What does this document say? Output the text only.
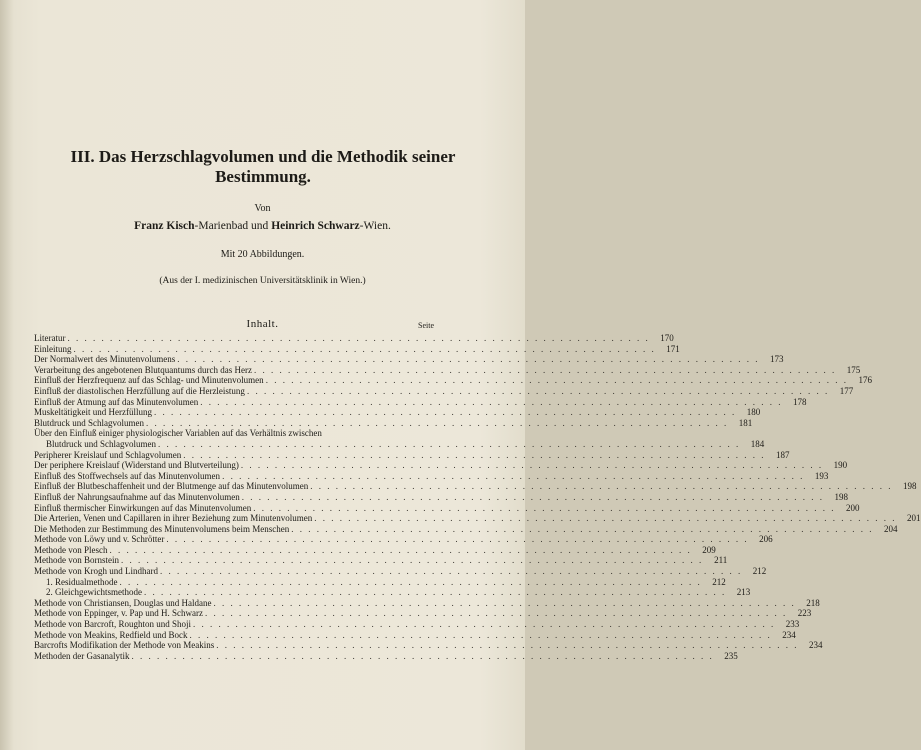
III. Das Herzschlagvolumen und die Methodik seiner Bestimmung.
Von
Franz Kisch-Marienbad und Heinrich Schwarz-Wien.
Mit 20 Abbildungen.
(Aus der I. medizinischen Universitätsklinik in Wien.)
Inhalt.	Seite
Literatur . . . . . . . . . . . . . . . . . . . . . . . . . . . . . . . . . . . . . . . . . . . . . . . . . . . . . . . . . . . . . . . . . . . . .	170
Einleitung . . . . . . . . . . . . . . . . . . . . . . . . . . . . . . . . . . . . . . . . . . . . . . . . . . . . . . . . . . . . . . . . . . . . .	171
Der Normalwert des Minutenvolumens . . . . . . . . . . . . . . . . . . . . . . . . . . . . . . . . . . . . . . . . . . . . . . . . . . . . . . . . . . . . . . . . . . . . .	173
Verarbeitung des angebotenen Blutquantums durch das Herz . . . . . . . . . . . . . . . . . . . . . . . . . . . . . . . . . . . . . . . . . . . . . . . . . . . . . . . . . . . . . . . . . . . . .	175
Einfluß der Herzfrequenz auf das Schlag- und Minutenvolumen . . . . . . . . . . . . . . . . . . . . . . . . . . . . . . . . . . . . . . . . . . . . . . . . . . . . . . . . . . . . . . . . . . . . .	176
Einfluß der diastolischen Herzfüllung auf die Herzleistung . . . . . . . . . . . . . . . . . . . . . . . . . . . . . . . . . . . . . . . . . . . . . . . . . . . . . . . . . . . . . . . . . . . . .	177
Einfluß der Atmung auf das Minutenvolumen . . . . . . . . . . . . . . . . . . . . . . . . . . . . . . . . . . . . . . . . . . . . . . . . . . . . . . . . . . . . . . . . . . . . .	178
Muskeltätigkeit und Herzfüllung . . . . . . . . . . . . . . . . . . . . . . . . . . . . . . . . . . . . . . . . . . . . . . . . . . . . . . . . . . . . . . . . . . . . .	180
Blutdruck und Schlagvolumen . . . . . . . . . . . . . . . . . . . . . . . . . . . . . . . . . . . . . . . . . . . . . . . . . . . . . . . . . . . . . . . . . . . . .	181
Über den Einfluß einiger physiologischer Variablen auf das Verhältnis zwischen
Blutdruck und Schlagvolumen . . . . . . . . . . . . . . . . . . . . . . . . . . . . . . . . . . . . . . . . . . . . . . . . . . . . . . . . . . . . . . . . . . . . .	184
Peripherer Kreislauf und Schlagvolumen . . . . . . . . . . . . . . . . . . . . . . . . . . . . . . . . . . . . . . . . . . . . . . . . . . . . . . . . . . . . . . . . . . . . .	187
Der periphere Kreislauf (Widerstand und Blutverteilung) . . . . . . . . . . . . . . . . . . . . . . . . . . . . . . . . . . . . . . . . . . . . . . . . . . . . . . . . . . . . . . . . . . . . .	190
Einfluß des Stoffwechsels auf das Minutenvolumen . . . . . . . . . . . . . . . . . . . . . . . . . . . . . . . . . . . . . . . . . . . . . . . . . . . . . . . . . . . . . . . . . . . . .	193
Einfluß der Blutbeschaffenheit und der Blutmenge auf das Minutenvolumen . . . . . . . . . . . . . . . . . . . . . . . . . . . . . . . . . . . . . . . . . . . . . . . . . . . . . . . . . . . . . . . . . . . . .	198
Einfluß der Nahrungsaufnahme auf das Minutenvolumen . . . . . . . . . . . . . . . . . . . . . . . . . . . . . . . . . . . . . . . . . . . . . . . . . . . . . . . . . . . . . . . . . . . . .	198
Einfluß thermischer Einwirkungen auf das Minutenvolumen . . . . . . . . . . . . . . . . . . . . . . . . . . . . . . . . . . . . . . . . . . . . . . . . . . . . . . . . . . . . . . . . . . . . .	200
Die Arterien, Venen und Capillaren in ihrer Beziehung zum Minutenvolumen . . . . . . . . . . . . . . . . . . . . . . . . . . . . . . . . . . . . . . . . . . . . . . . . . . . . . . . . . . . . . . . . . . . . .	201
Die Methoden zur Bestimmung des Minutenvolumens beim Menschen . . . . . . . . . . . . . . . . . . . . . . . . . . . . . . . . . . . . . . . . . . . . . . . . . . . . . . . . . . . . . . . . . . . . .	204
Methode von Löwy und v. Schrötter . . . . . . . . . . . . . . . . . . . . . . . . . . . . . . . . . . . . . . . . . . . . . . . . . . . . . . . . . . . . . . . . . . . . .	206
Methode von Plesch . . . . . . . . . . . . . . . . . . . . . . . . . . . . . . . . . . . . . . . . . . . . . . . . . . . . . . . . . . . . . . . . . . . . .	209
Methode von Bornstein . . . . . . . . . . . . . . . . . . . . . . . . . . . . . . . . . . . . . . . . . . . . . . . . . . . . . . . . . . . . . . . . . . . . .	211
Methode von Krogh und Lindhard . . . . . . . . . . . . . . . . . . . . . . . . . . . . . . . . . . . . . . . . . . . . . . . . . . . . . . . . . . . . . . . . . . . . .	212
1. Residualmethode . . . . . . . . . . . . . . . . . . . . . . . . . . . . . . . . . . . . . . . . . . . . . . . . . . . . . . . . . . . . . . . . . . . . .	212
2. Gleichgewichtsmethode . . . . . . . . . . . . . . . . . . . . . . . . . . . . . . . . . . . . . . . . . . . . . . . . . . . . . . . . . . . . . . . . . . . . .	213
Methode von Christiansen, Douglas und Haldane . . . . . . . . . . . . . . . . . . . . . . . . . . . . . . . . . . . . . . . . . . . . . . . . . . . . . . . . . . . . . . . . . . . . .	218
Methode von Eppinger, v. Pap und H. Schwarz . . . . . . . . . . . . . . . . . . . . . . . . . . . . . . . . . . . . . . . . . . . . . . . . . . . . . . . . . . . . . . . . . . . . .	223
Methode von Barcroft, Roughton und Shoji . . . . . . . . . . . . . . . . . . . . . . . . . . . . . . . . . . . . . . . . . . . . . . . . . . . . . . . . . . . . . . . . . . . . .	233
Methode von Meakins, Redfield und Bock . . . . . . . . . . . . . . . . . . . . . . . . . . . . . . . . . . . . . . . . . . . . . . . . . . . . . . . . . . . . . . . . . . . . .	234
Barcrofts Modifikation der Methode von Meakins . . . . . . . . . . . . . . . . . . . . . . . . . . . . . . . . . . . . . . . . . . . . . . . . . . . . . . . . . . . . . . . . . . . . .	234
Methoden der Gasanalytik . . . . . . . . . . . . . . . . . . . . . . . . . . . . . . . . . . . . . . . . . . . . . . . . . . . . . . . . . . . . . . . . . . . . .	235
